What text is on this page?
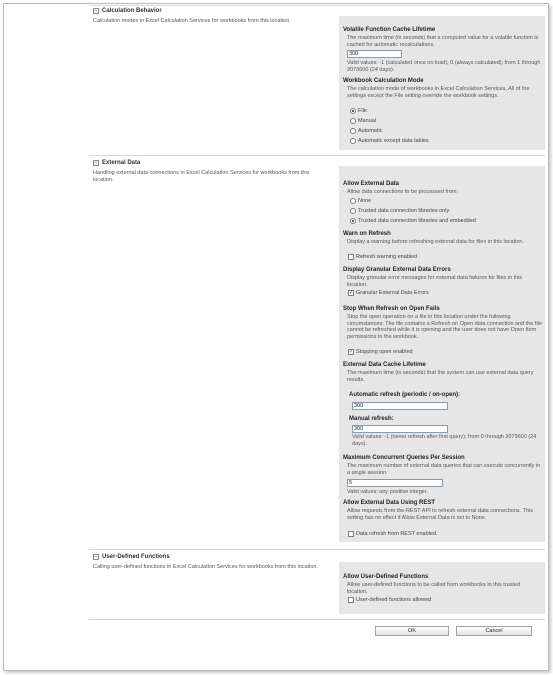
− Calculation Behavior
Calculation modes in Excel Calculation Services for workbooks from this location.
Volatile Function Cache Lifetime
The maximum time (in seconds) that a computed value for a volatile function is cached for automatic recalculations.
300
Valid values: -1 (calculated once on load); 0 (always calculated); from 1 through 2073600 (24 days).
Workbook Calculation Mode
The calculation mode of workbooks in Excel Calculation Services. All of the settings except the File setting override the workbook settings.
File
Manual
Automatic
Automatic except data tables
− External Data
Handling external data connections in Excel Calculation Services for workbooks from this location.
Allow External Data
Allow data connections to be processed from:
None
Trusted data connection libraries only
Trusted data connection libraries and embedded
Warn on Refresh
Display a warning before refreshing external data for files in this location.
Refresh warning enabled
Display Granular External Data Errors
Display granular error messages for external data failures for files in this location.
✓ Granular External Data Errors
Stop When Refresh on Open Fails
Stop the open operation on a file in this location under the following circumstances: The file contains a Refresh on Open data connection and the file cannot be refreshed while it is opening and the user does not have Open Item permissions to the workbook.
✓ Stopping open enabled
External Data Cache Lifetime
The maximum time (in seconds) that the system can use external data query results.
Automatic refresh (periodic / on-open):
300
Manual refresh:
300
Valid values: -1 (never refresh after first query); from 0 through 2073600 (24 days).
Maximum Concurrent Queries Per Session
The maximum number of external data queries that can execute concurrently in a single session.
5
Valid values: any positive integer.
Allow External Data Using REST
Allow requests from the REST API to refresh external data connections. This setting has no effect if Allow External Data is set to None.
Data refresh from REST enabled.
− User-Defined Functions
Calling user-defined functions in Excel Calculation Services for workbooks from this location.
Allow User-Defined Functions
Allow user-defined functions to be called from workbooks in this trusted location.
User-defined functions allowed
OK	Cancel
